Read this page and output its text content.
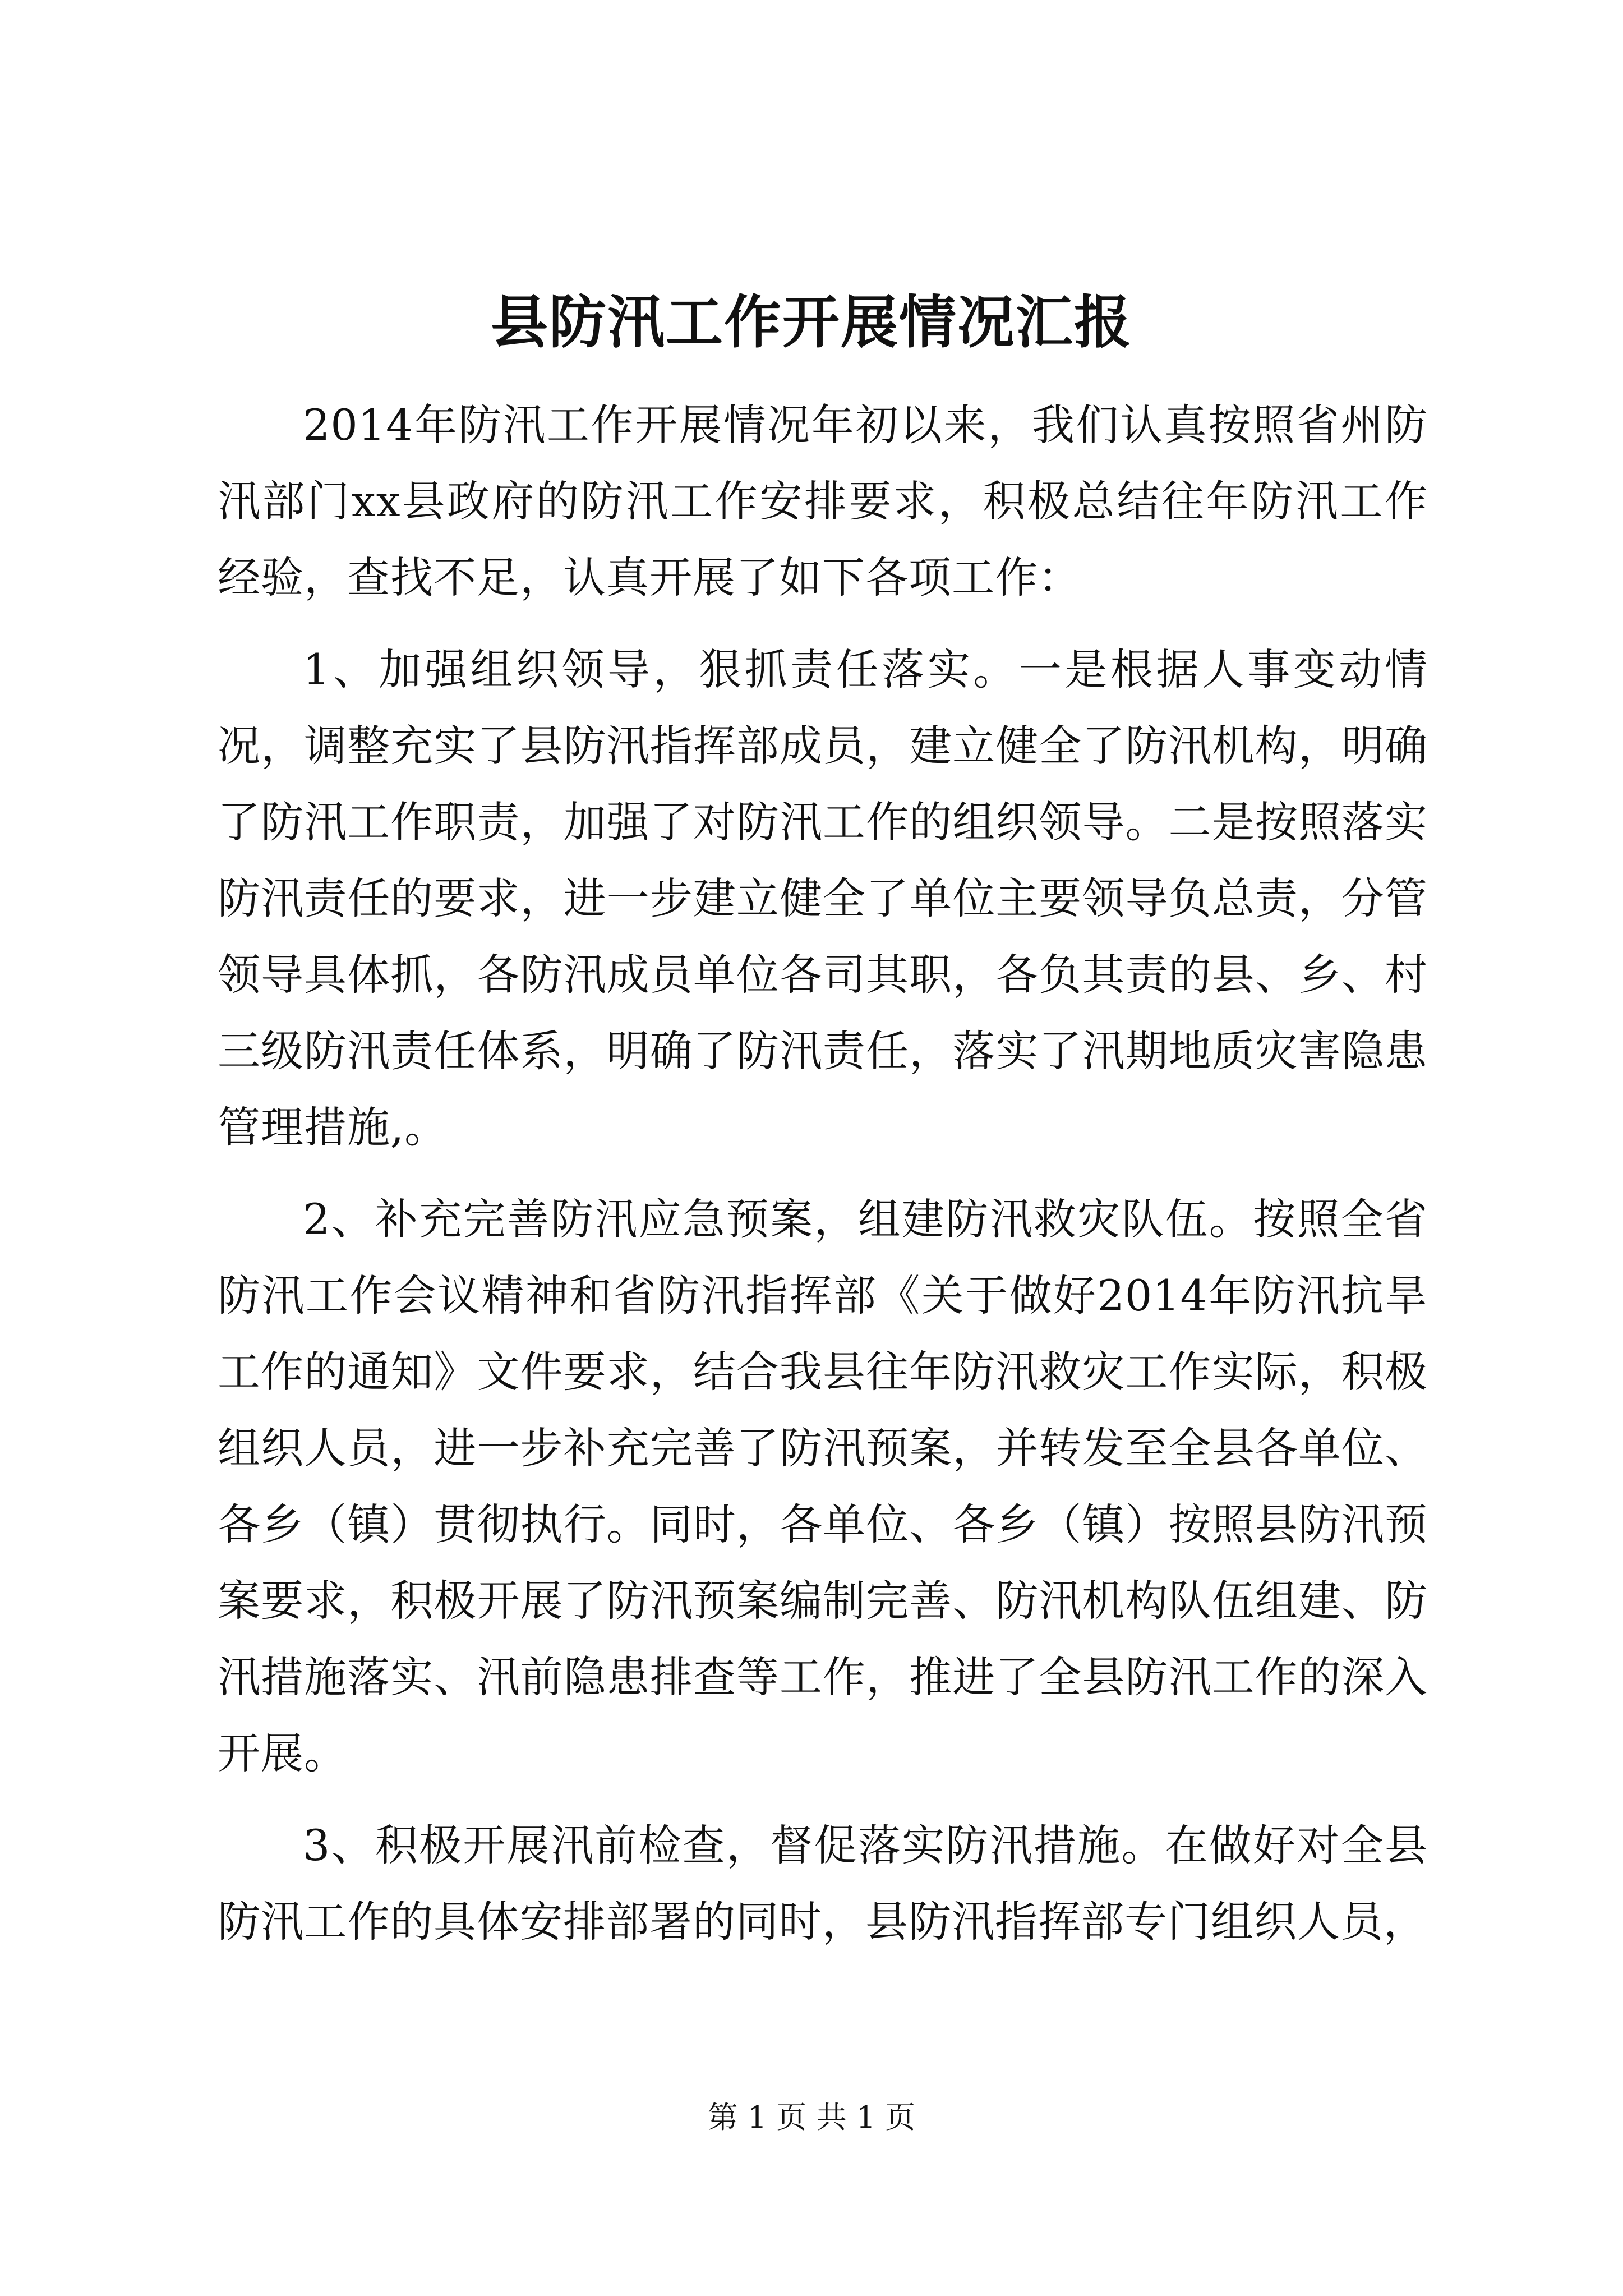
县防汛工作开展情况汇报

2014年防汛工作开展情况年初以来，我们认真按照省州防汛部门xx县政府的防汛工作安排要求，积极总结往年防汛工作经验，查找不足，认真开展了如下各项工作：

1、加强组织领导，狠抓责任落实。一是根据人事变动情况，调整充实了县防汛指挥部成员，建立健全了防汛机构，明确了防汛工作职责，加强了对防汛工作的组织领导。二是按照落实防汛责任的要求，进一步建立健全了单位主要领导负总责，分管领导具体抓，各防汛成员单位各司其职，各负其责的县、乡、村三级防汛责任体系，明确了防汛责任，落实了汛期地质灾害隐患管理措施,。

2、补充完善防汛应急预案，组建防汛救灾队伍。按照全省防汛工作会议精神和省防汛指挥部《关于做好2014年防汛抗旱工作的通知》文件要求，结合我县往年防汛救灾工作实际，积极组织人员，进一步补充完善了防汛预案，并转发至全县各单位、各乡（镇）贯彻执行。同时，各单位、各乡（镇）按照县防汛预案要求，积极开展了防汛预案编制完善、防汛机构队伍组建、防汛措施落实、汛前隐患排查等工作，推进了全县防汛工作的深入开展。

3、积极开展汛前检查，督促落实防汛措施。在做好对全县防汛工作的具体安排部署的同时，县防汛指挥部专门组织人员，

第 1 页 共 1 页
